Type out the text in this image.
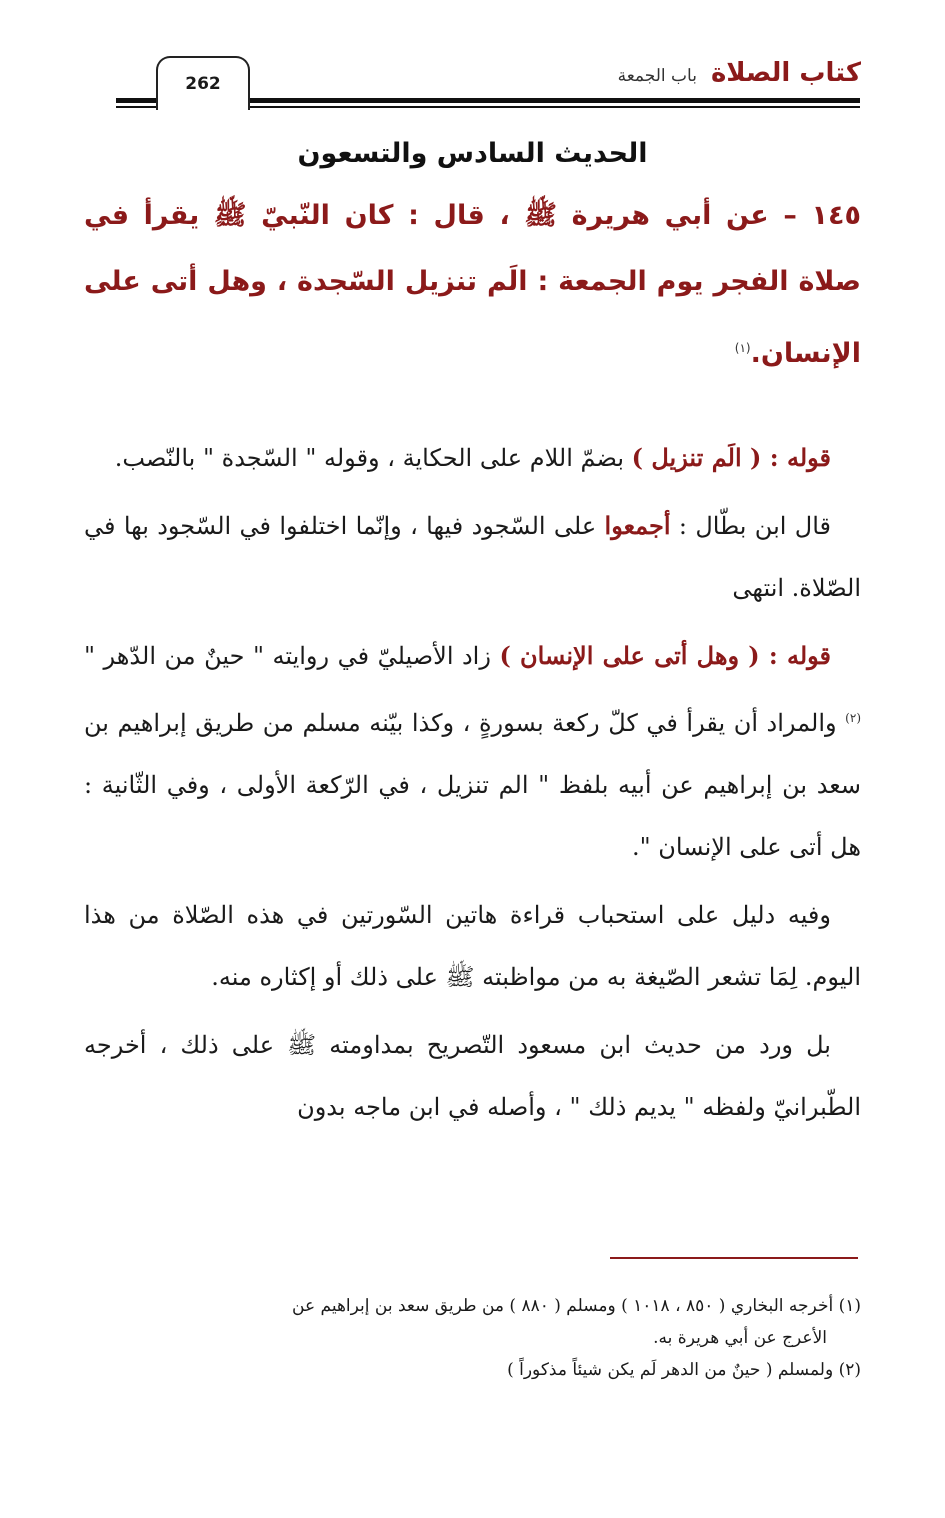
262	كتاب الصلاة
باب الجمعة
الحديث السادس والتسعون

١٤٥ – عن أبي هريرة ﷺ ، قال : كان النّبيّ ﷺ يقرأ في صلاة الفجر يوم الجمعة : الَم تنزيل السّجدة ، وهل أتى على الإنسان.$^{(١)}$

قوله : ( الَم تنزيل ) بضمّ اللام على الحكاية ، وقوله " السّجدة " بالنّصب.

قال ابن بطّال : أجمعوا على السّجود فيها ، وإنّما اختلفوا في السّجود بها في الصّلاة. انتهى

قوله : ( وهل أتى على الإنسان ) زاد الأصيليّ في روايته " حينٌ من الدّهر "$^{(٢)}$ والمراد أن يقرأ في كلّ ركعة بسورةٍ ، وكذا بيّنه مسلم من طريق إبراهيم بن سعد بن إبراهيم عن أبيه بلفظ " الم تنزيل ، في الرّكعة الأولى ، وفي الثّانية : هل أتى على الإنسان ".

وفيه دليل على استحباب قراءة هاتين السّورتين في هذه الصّلاة من هذا اليوم. لِمَا تشعر الصّيغة به من مواظبته ﷺ على ذلك أو إكثاره منه.

بل ورد من حديث ابن مسعود التّصريح بمداومته ﷺ على ذلك ، أخرجه الطّبرانيّ ولفظه " يديم ذلك " ، وأصله في ابن ماجه بدون

(١) أخرجه البخاري ( ٨٥٠ ، ١٠١٨ ) ومسلم ( ٨٨٠ ) من طريق سعد بن إبراهيم عن

الأعرج عن أبي هريرة به.

(٢) ولمسلم ( حينٌ من الدهر لَم يكن شيئاً مذكوراً )
